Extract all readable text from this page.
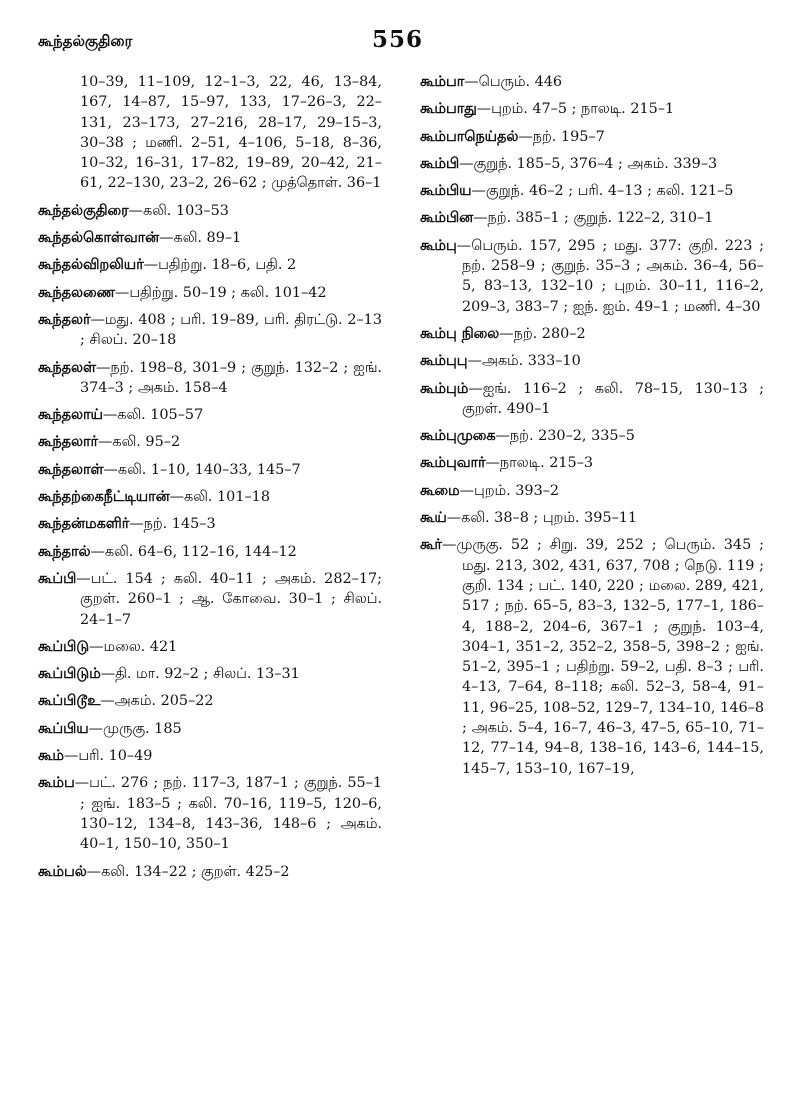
கூந்தல்குதிரை	556

10–39, 11–109, 12–1–3, 22, 46, 13–84, 167, 14–87, 15–97, 133, 17–26–3, 22–131, 23–173, 27–216, 28–17, 29–15–3, 30–38 ; மணி. 2–51, 4–106, 5–18, 8–36, 10–32, 16–31, 17–82, 19–89, 20–42, 21–61, 22–130, 23–2, 26–62 ; முத்தொள். 36–1

கூந்தல்குதிரை—கலி. 103–53

கூந்தல்கொள்வான்—கலி. 89–1

கூந்தல்விறலியர்—பதிற்று. 18–6, பதி. 2

கூந்தலணை—பதிற்று. 50–19 ; கலி. 101–42

கூந்தலர்—மது. 408 ; பரி. 19–89, பரி. திரட்டு. 2–13 ; சிலப். 20–18

கூந்தலள்—நற். 198–8, 301–9 ; குறுந். 132–2 ; ஐங். 374–3 ; அகம். 158–4

கூந்தலாய்—கலி. 105–57

கூந்தலார்—கலி. 95–2

கூந்தலாள்—கலி. 1–10, 140–33, 145–7

கூந்தற்கைநீட்டியான்—கலி. 101–18

கூந்தன்மகளிர்—நற். 145–3

கூந்தால்—கலி. 64–6, 112–16, 144–12

கூப்பி—பட். 154 ; கலி. 40–11 ; அகம். 282–17; குறள். 260–1 ; ஆ. கோவை. 30–1 ; சிலப். 24–1–7

கூப்பிடு—மலை. 421

கூப்பிடும்—தி. மா. 92–2 ; சிலப். 13–31

கூப்பிடூஉ—அகம். 205–22

கூப்பிய—முருகு. 185

கூம்—பரி. 10–49

கூம்ப—பட். 276 ; நற். 117–3, 187–1 ; குறுந். 55–1 ; ஐங். 183–5 ; கலி. 70–16, 119–5, 120–6, 130–12, 134–8, 143–36, 148–6 ; அகம். 40–1, 150–10, 350–1

கூம்பல்—கலி. 134–22 ; குறள். 425–2

கூம்பா—பெரும். 446

கூம்பாது—புறம். 47–5 ; நாலடி. 215–1

கூம்பாநெய்தல்—நற். 195–7

கூம்பி—குறுந். 185–5, 376–4 ; அகம். 339–3

கூம்பிய—குறுந். 46–2 ; பரி. 4–13 ; கலி. 121–5

கூம்பின—நற். 385–1 ; குறுந். 122–2, 310–1

கூம்பு—பெரும். 157, 295 ; மது. 377: குறி. 223 ; நற். 258–9 ; குறுந். 35–3 ; அகம். 36–4, 56–5, 83–13, 132–10 ; புறம். 30–11, 116–2, 209–3, 383–7 ; ஐந். ஐம். 49–1 ; மணி. 4–30

கூம்பு நிலை—நற். 280–2

கூம்புபு—அகம். 333–10

கூம்பும்—ஐங். 116–2 ; கலி. 78–15, 130–13 ; குறள். 490–1

கூம்புமுகை—நற். 230–2, 335–5

கூம்புவார்—நாலடி. 215–3

கூமை—புறம். 393–2

கூய்—கலி. 38–8 ; புறம். 395–11

கூர்—முருகு. 52 ; சிறு. 39, 252 ; பெரும். 345 ; மது. 213, 302, 431, 637, 708 ; நெடு. 119 ; குறி. 134 ; பட். 140, 220 ; மலை. 289, 421, 517 ; நற். 65–5, 83–3, 132–5, 177–1, 186–4, 188–2, 204–6, 367–1 ; குறுந். 103–4, 304–1, 351–2, 352–2, 358–5, 398–2 ; ஐங். 51–2, 395–1 ; பதிற்று. 59–2, பதி. 8–3 ; பரி. 4–13, 7–64, 8–118; கலி. 52–3, 58–4, 91–11, 96–25, 108–52, 129–7, 134–10, 146–8 ; அகம். 5–4, 16–7, 46–3, 47–5, 65–10, 71–12, 77–14, 94–8, 138–16, 143–6, 144–15, 145–7, 153–10, 167–19,
